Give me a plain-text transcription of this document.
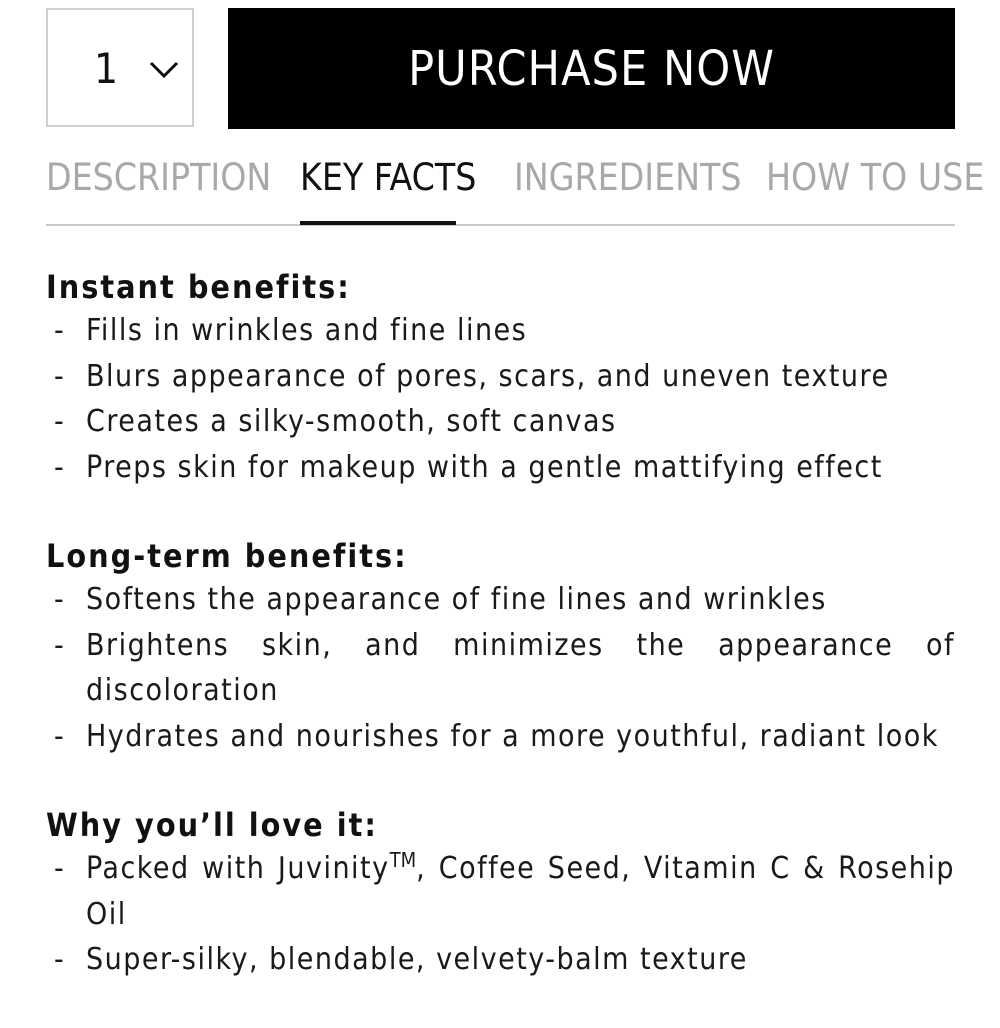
1	PURCHASE NOW
DESCRIPTION KEY FACTS INGREDIENTS HOW TO USE
Instant benefits:
- Fills in wrinkles and fine lines
- Blurs appearance of pores, scars, and uneven texture
- Creates a silky-smooth, soft canvas
- Preps skin for makeup with a gentle mattifying effect
Long-term benefits:
- Softens the appearance of fine lines and wrinkles
- Brightens skin, and minimizes the appearance of discoloration
- Hydrates and nourishes for a more youthful, radiant look
Why you’ll love it:
- Packed with Juvinity™, Coffee Seed, Vitamin C & Rosehip Oil
- Super-silky, blendable, velvety-balm texture
